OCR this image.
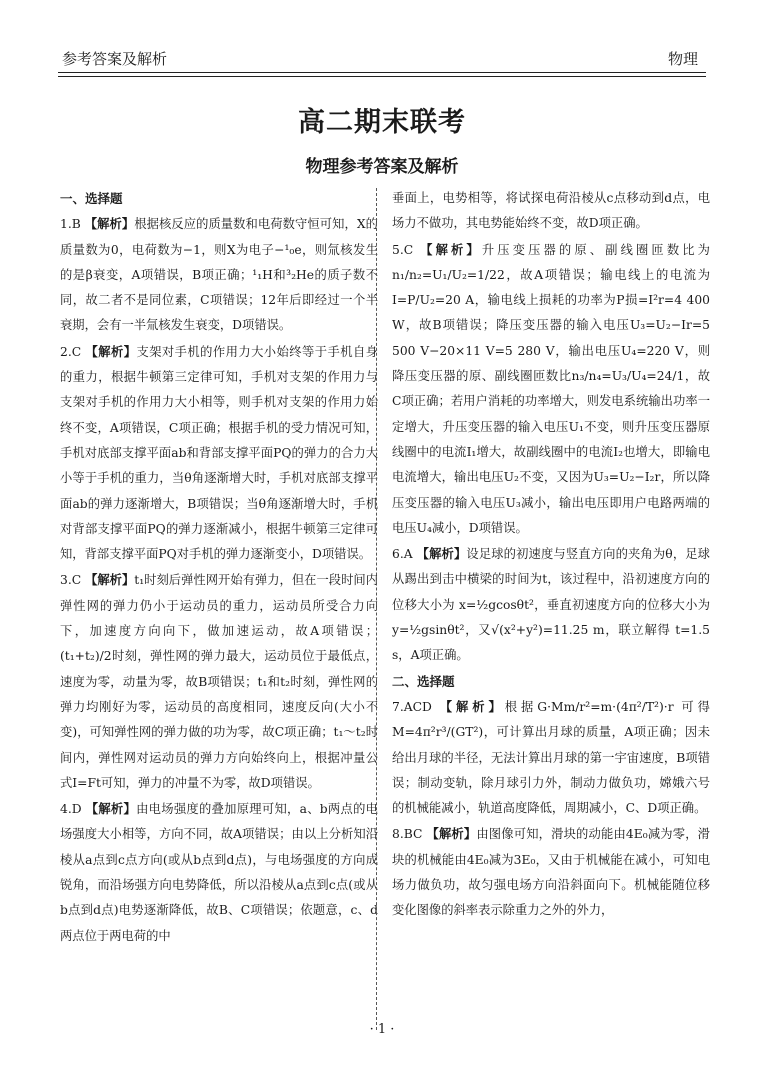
参考答案及解析	物理
高二期末联考
物理参考答案及解析
一、选择题
1.B 【解析】根据核反应的质量数和电荷数守恒可知，X的质量数为0，电荷数为−1，则X为电子−¹₀e，则氚核发生的是β衰变，A项错误，B项正确；¹₁H和³₂He的质子数不同，故二者不是同位素，C项错误；12年后即经过一个半衰期，会有一半氚核发生衰变，D项错误。
2.C 【解析】支架对手机的作用力大小始终等于手机自身的重力，根据牛顿第三定律可知，手机对支架的作用力与支架对手机的作用力大小相等，则手机对支架的作用力始终不变，A项错误，C项正确；根据手机的受力情况可知，手机对底部支撑平面ab和背部支撑平面PQ的弹力的合力大小等于手机的重力，当θ角逐渐增大时，手机对底部支撑平面ab的弹力逐渐增大，B项错误；当θ角逐渐增大时，手机对背部支撑平面PQ的弹力逐渐减小，根据牛顿第三定律可知，背部支撑平面PQ对手机的弹力逐渐变小，D项错误。
3.C 【解析】t₁时刻后弹性网开始有弹力，但在一段时间内弹性网的弹力仍小于运动员的重力，运动员所受合力向下，加速度方向向下，做加速运动，故A项错误；(t₁+t₂)/2时刻，弹性网的弹力最大，运动员位于最低点，速度为零，动量为零，故B项错误；t₁和t₂时刻，弹性网的弹力均刚好为零，运动员的高度相同，速度反向(大小不变)，可知弹性网的弹力做的功为零，故C项正确；t₁～t₂时间内，弹性网对运动员的弹力方向始终向上，根据冲量公式I=Ft可知，弹力的冲量不为零，故D项错误。
4.D 【解析】由电场强度的叠加原理可知，a、b两点的电场强度大小相等，方向不同，故A项错误；由以上分析知沿棱从a点到c点方向(或从b点到d点)，与电场强度的方向成锐角，而沿场强方向电势降低，所以沿棱从a点到c点(或从b点到d点)电势逐渐降低，故B、C项错误；依题意，c、d两点位于两电荷的中
垂面上，电势相等，将试探电荷沿棱从c点移动到d点，电场力不做功，其电势能始终不变，故D项正确。
5.C 【解析】升压变压器的原、副线圈匝数比为n₁/n₂=U₁/U₂=1/22，故A项错误；输电线上的电流为I=P/U₂=20 A，输电线上损耗的功率为P损=I²r=4 400 W，故B项错误；降压变压器的输入电压U₃=U₂−Ir=5 500 V−20×11 V=5 280 V，输出电压U₄=220 V，则降压变压器的原、副线圈匝数比n₃/n₄=U₃/U₄=24/1，故C项正确；若用户消耗的功率增大，则发电系统输出功率一定增大，升压变压器的输入电压U₁不变，则升压变压器原线圈中的电流I₁增大，故副线圈中的电流I₂也增大，即输电电流增大，输出电压U₂不变，又因为U₃=U₂−I₂r，所以降压变压器的输入电压U₃减小，输出电压即用户电路两端的电压U₄减小，D项错误。
6.A 【解析】设足球的初速度与竖直方向的夹角为θ，足球从踢出到击中横梁的时间为t，该过程中，沿初速度方向的位移大小为 x=½gcosθt²，垂直初速度方向的位移大小为 y=½gsinθt²，又√(x²+y²)=11.25 m，联立解得 t=1.5 s，A项正确。
二、选择题
7.ACD 【解析】根据G·Mm/r²=m·(4π²/T²)·r 可得 M=4π²r³/(GT²)，可计算出月球的质量，A项正确；因未给出月球的半径，无法计算出月球的第一宇宙速度，B项错误；制动变轨，除月球引力外，制动力做负功，嫦娥六号的机械能减小，轨道高度降低，周期减小，C、D项正确。
8.BC 【解析】由图像可知，滑块的动能由4E₀减为零，滑块的机械能由4E₀减为3E₀，又由于机械能在减小，可知电场力做负功，故匀强电场方向沿斜面向下。机械能随位移变化图像的斜率表示除重力之外的外力，
· 1 ·
